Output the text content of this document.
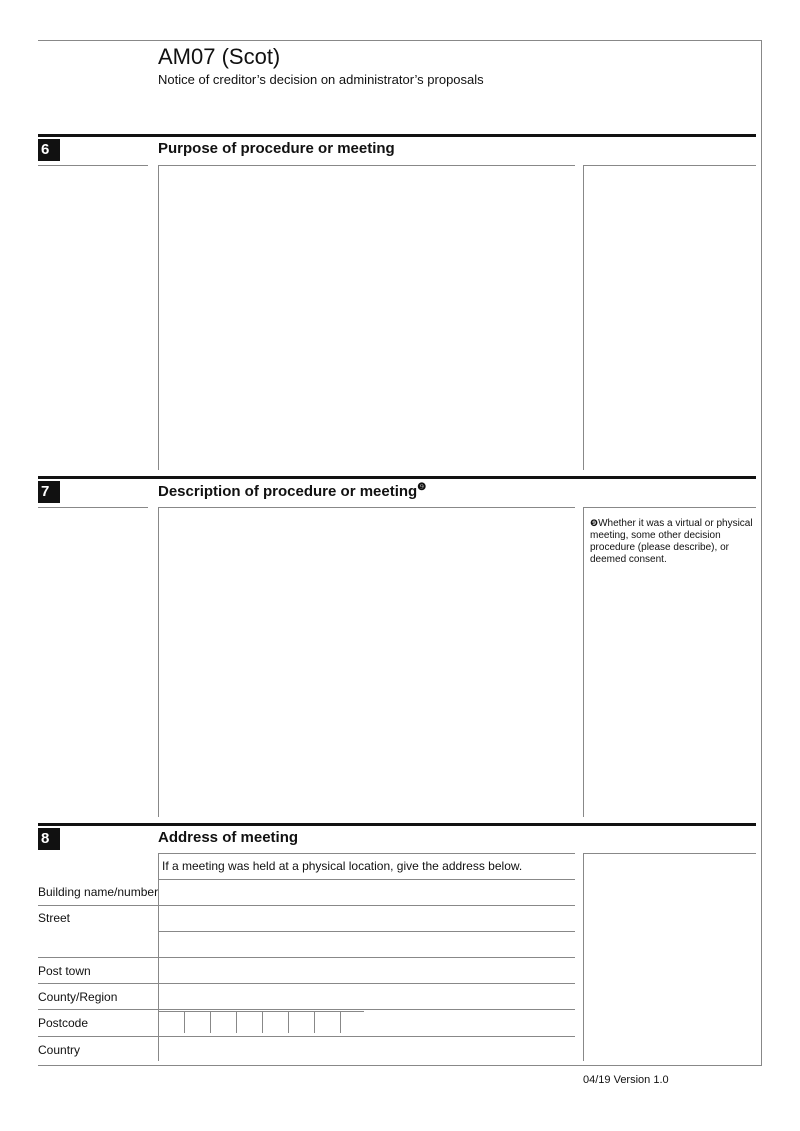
AM07 (Scot)
Notice of creditor’s decision on administrator’s proposals
6	Purpose of procedure or meeting
7	Description of procedure or meeting$^❾$
❾Whether it was a virtual or physical meeting, some other decision procedure (please describe), or deemed consent.
8	Address of meeting
If a meeting was held at a physical location, give the address below.
Building name/number
Street
Post town
County/Region
Postcode
Country
04/19 Version 1.0
